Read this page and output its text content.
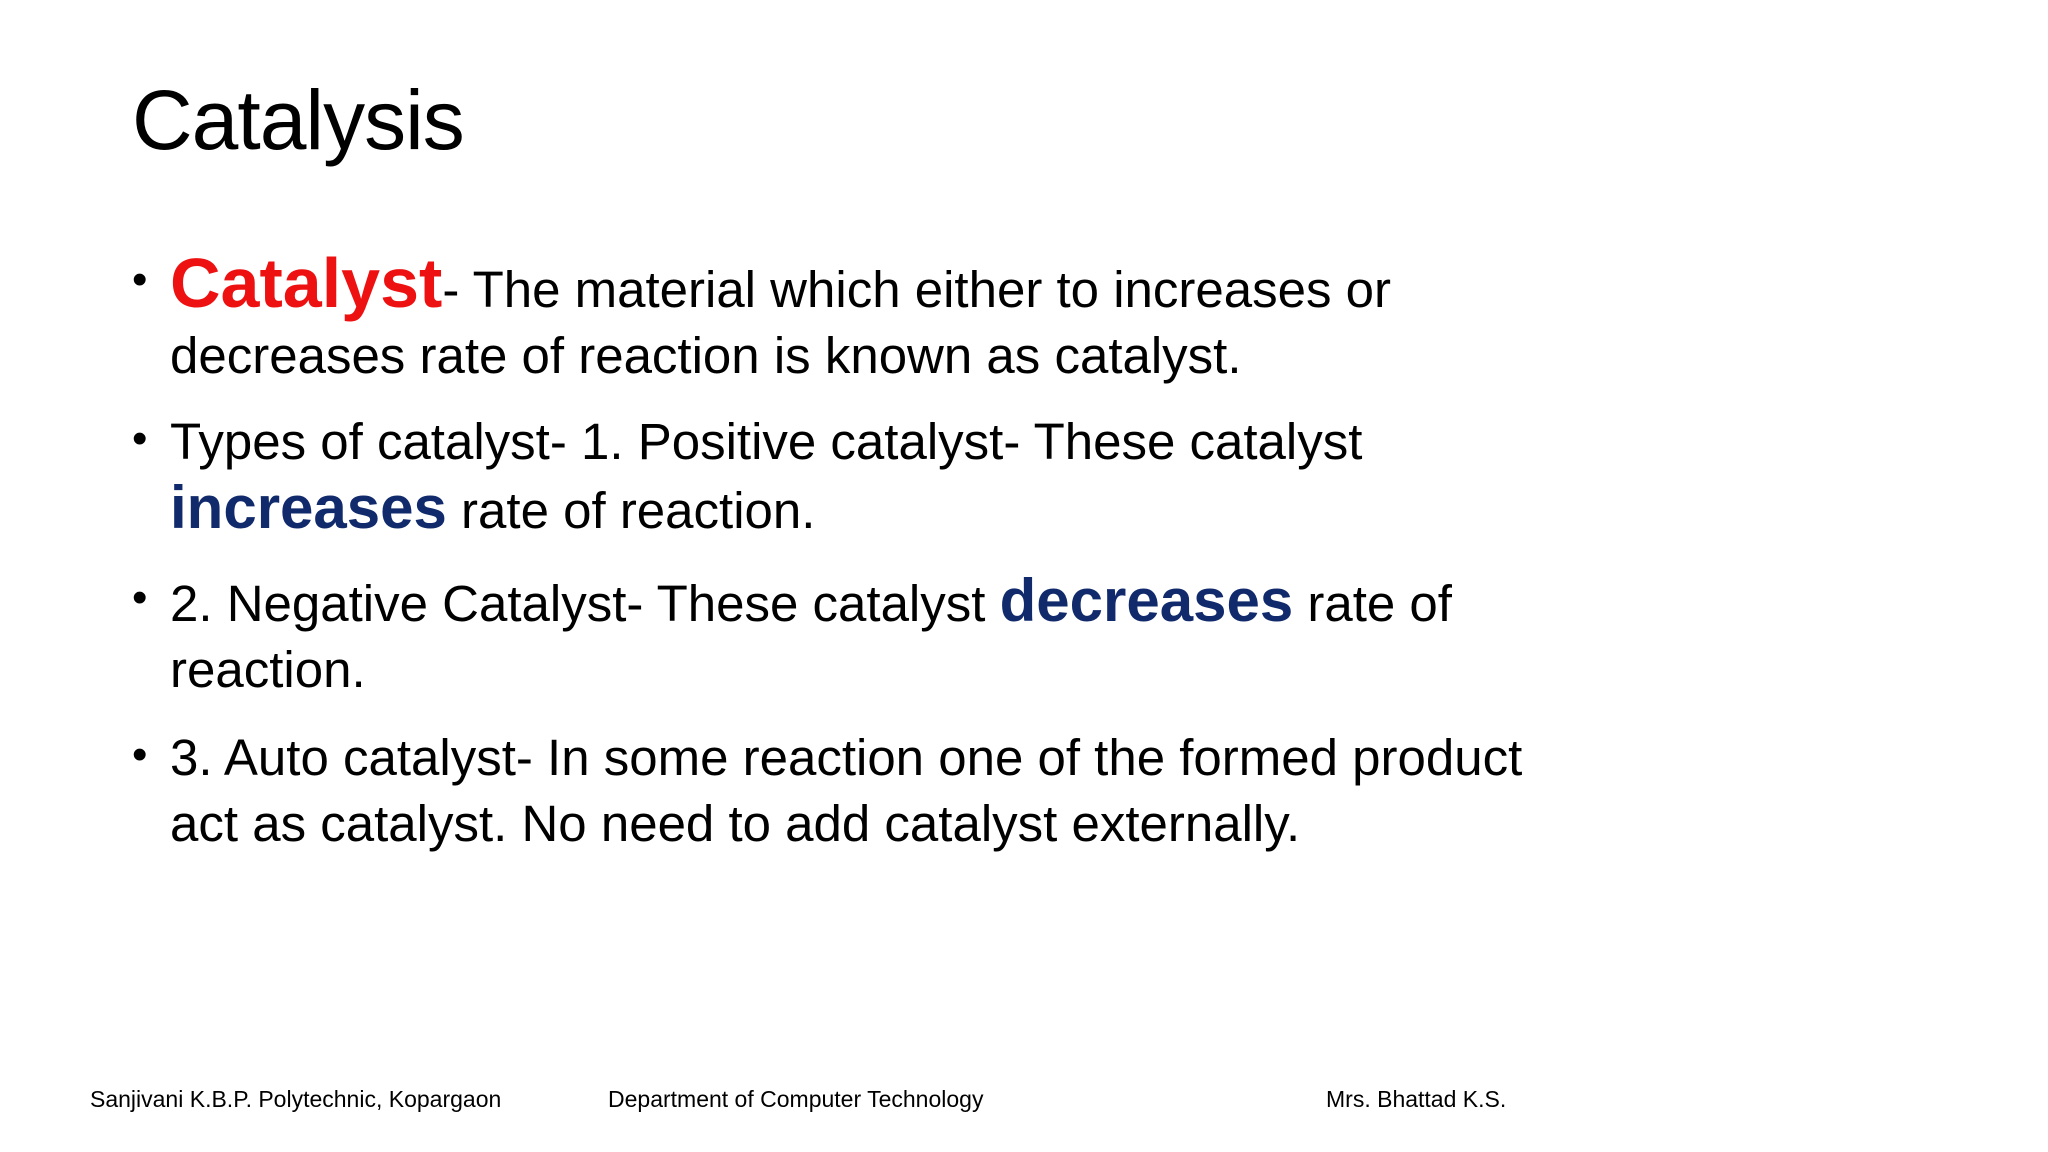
Catalysis
• Catalyst- The material which either to increases or decreases rate of reaction is known as catalyst.
• Types of catalyst- 1. Positive catalyst- These catalyst increases rate of reaction.
• 2. Negative Catalyst- These catalyst decreases rate of reaction.
• 3. Auto catalyst- In some reaction one of the formed product act as catalyst. No need to add catalyst externally.
Sanjivani K.B.P. Polytechnic, Kopargaon	Department of Computer Technology	Mrs. Bhattad K.S.
